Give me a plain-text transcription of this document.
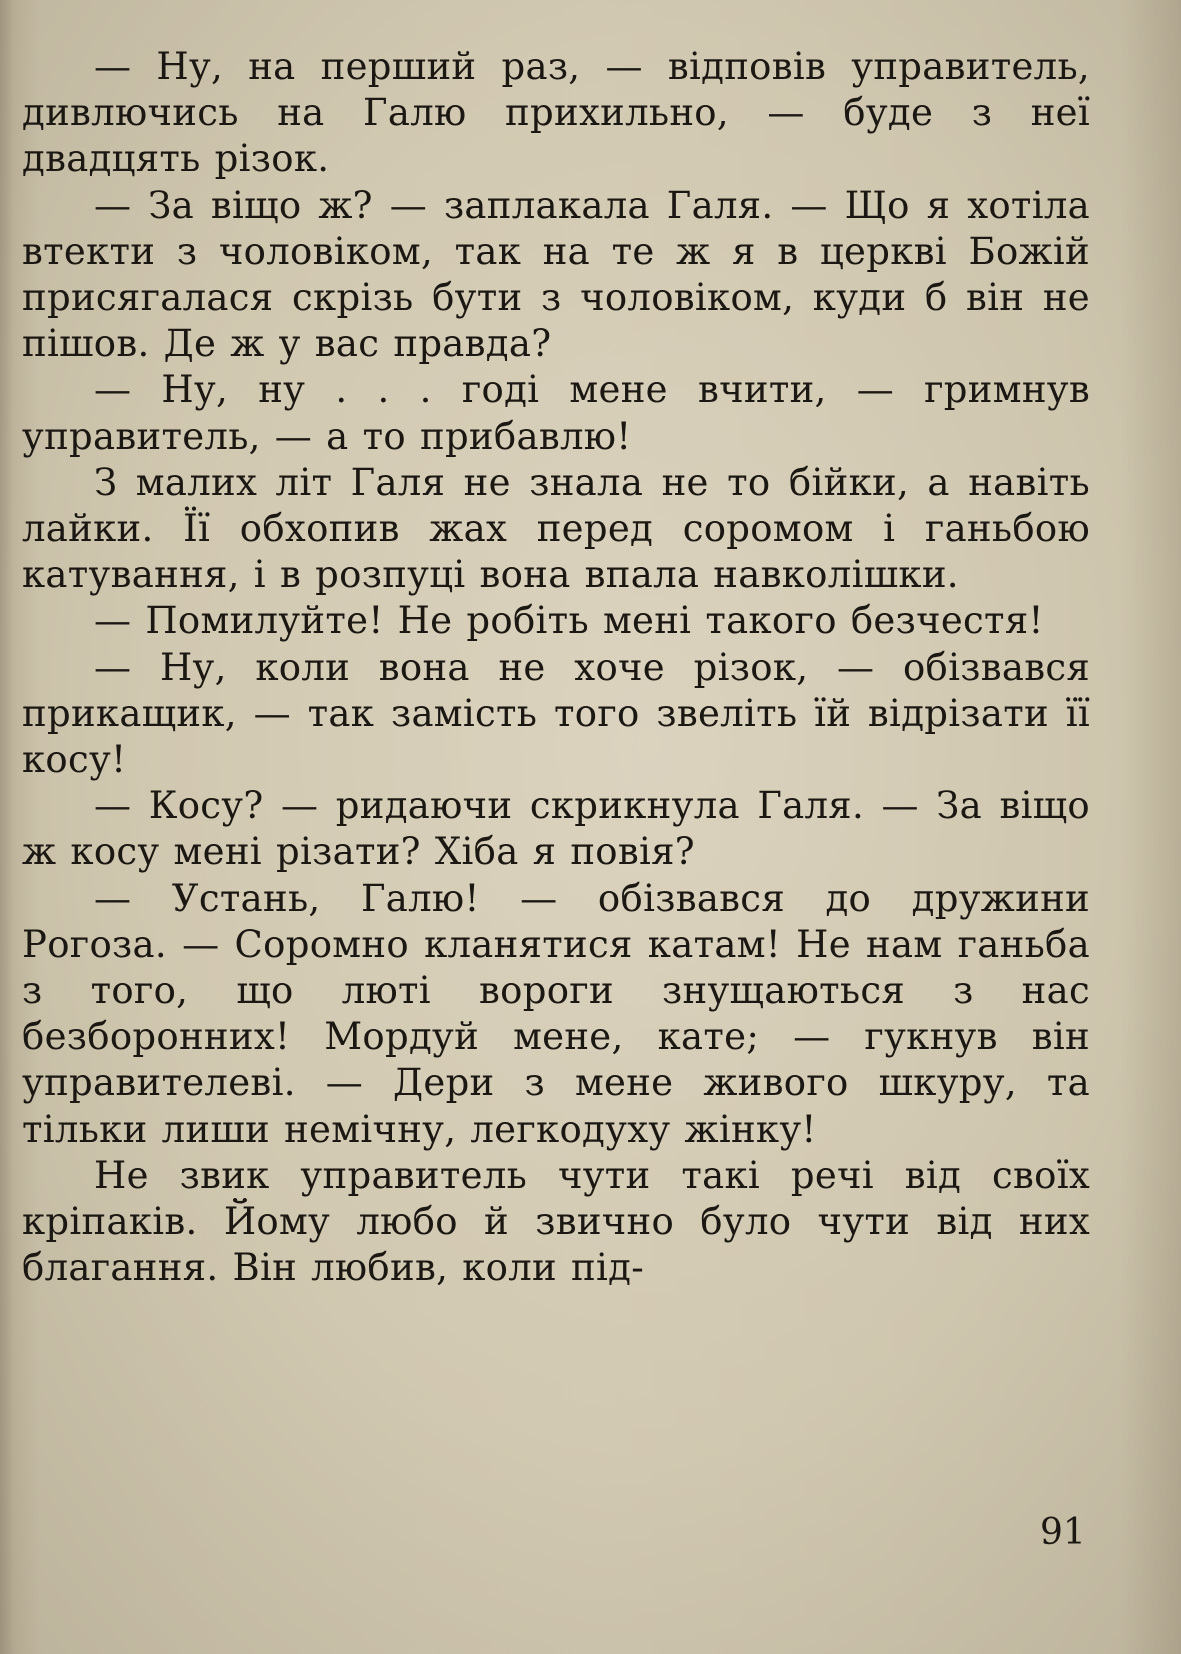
— Ну, на перший раз, — відповів управитель, дивлючись на Галю прихильно, — буде з неї двадцять різок.

— За віщо ж? — заплакала Галя. — Що я хотіла втекти з чоловіком, так на те ж я в церкві Божій присягалася скрізь бути з чоловіком, куди б він не пішов. Де ж у вас правда?

— Ну, ну . . . годі мене вчити, — гримнув управитель, — а то прибавлю!

З малих літ Галя не знала не то бійки, а навіть лайки. Її обхопив жах перед соромом і ганьбою катування, і в розпуці вона впала навколішки.

— Помилуйте! Не робіть мені такого безчестя!

— Ну, коли вона не хоче різок, — обізвався прикащик, — так замість того звеліть їй відрізати її косу!

— Косу? — ридаючи скрикнула Галя. — За віщо ж косу мені різати? Хіба я повія?

— Устань, Галю! — обізвався до дружини Рогоза. — Соромно кланятися катам! Не нам ганьба з того, що люті вороги знущаються з нас безборонних! Мордуй мене, кате; — гукнув він управителеві. — Дери з мене живого шкуру, та тільки лиши немічну, легкодуху жінку!

Не звик управитель чути такі речі від своїх кріпаків. Йому любо й звично було чути від них благання. Він любив, коли під-

91
